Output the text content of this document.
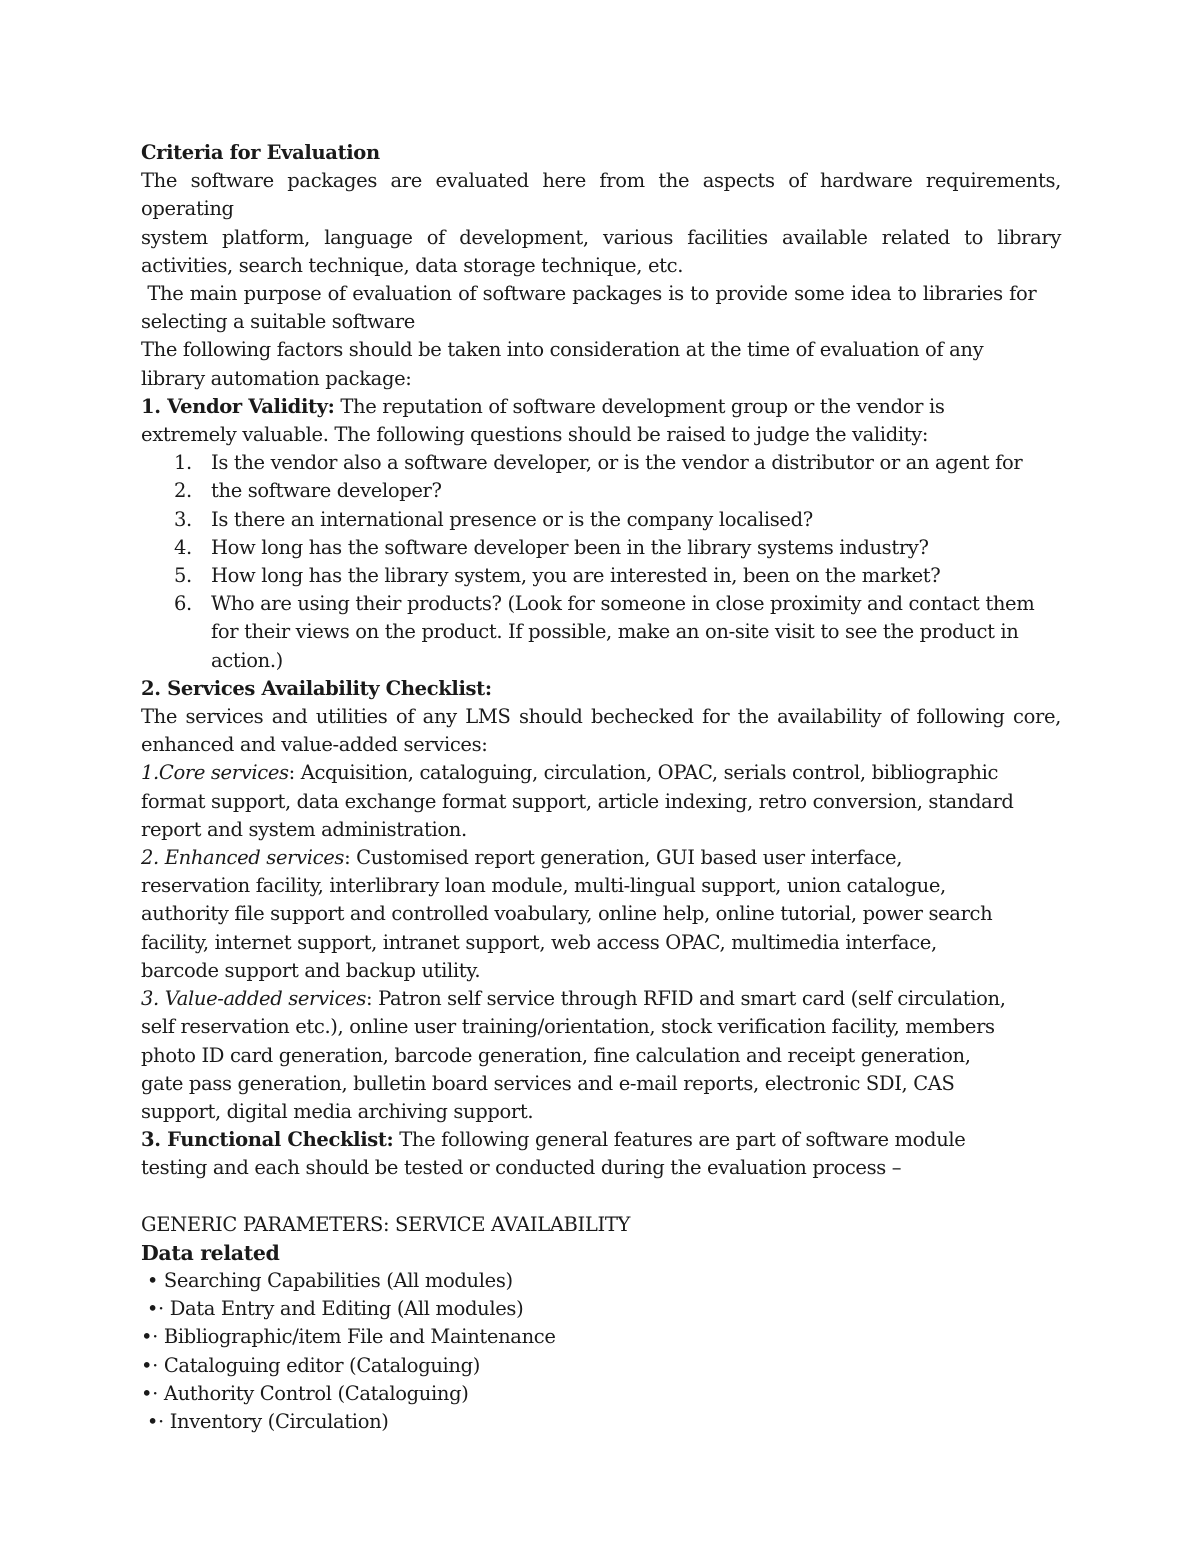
Criteria for Evaluation
The software packages are evaluated here from the aspects of hardware requirements, operating
system platform, language of development, various facilities available related to library
activities, search technique, data storage technique, etc.
The main purpose of evaluation of software packages is to provide some idea to libraries for
selecting a suitable software
The following factors should be taken into consideration at the time of evaluation of any
library automation package:
1. Vendor Validity: The reputation of software development group or the vendor is
extremely valuable. The following questions should be raised to judge the validity:
1. Is the vendor also a software developer, or is the vendor a distributor or an agent for
2. the software developer?
3. Is there an international presence or is the company localised?
4. How long has the software developer been in the library systems industry?
5. How long has the library system, you are interested in, been on the market?
6. Who are using their products? (Look for someone in close proximity and contact them
for their views on the product. If possible, make an on-site visit to see the product in
action.)
2. Services Availability Checklist:
The services and utilities of any LMS should bechecked for the availability of following core,
enhanced and value-added services:
1.Core services: Acquisition, cataloguing, circulation, OPAC, serials control, bibliographic
format support, data exchange format support, article indexing, retro conversion, standard
report and system administration.
2. Enhanced services: Customised report generation, GUI based user interface,
reservation facility, interlibrary loan module, multi-lingual support, union catalogue,
authority file support and controlled voabulary, online help, online tutorial, power search
facility, internet support, intranet support, web access OPAC, multimedia interface,
barcode support and backup utility.
3. Value-added services: Patron self service through RFID and smart card (self circulation,
self reservation etc.), online user training/orientation, stock verification facility, members
photo ID card generation, barcode generation, fine calculation and receipt generation,
gate pass generation, bulletin board services and e-mail reports, electronic SDI, CAS
support, digital media archiving support.
3. Functional Checklist: The following general features are part of software module
testing and each should be tested or conducted during the evaluation process –
GENERIC PARAMETERS: SERVICE AVAILABILITY
Data related
• Searching Capabilities (All modules)
•· Data Entry and Editing (All modules)
•· Bibliographic/item File and Maintenance
•· Cataloguing editor (Cataloguing)
•· Authority Control (Cataloguing)
•· Inventory (Circulation)
